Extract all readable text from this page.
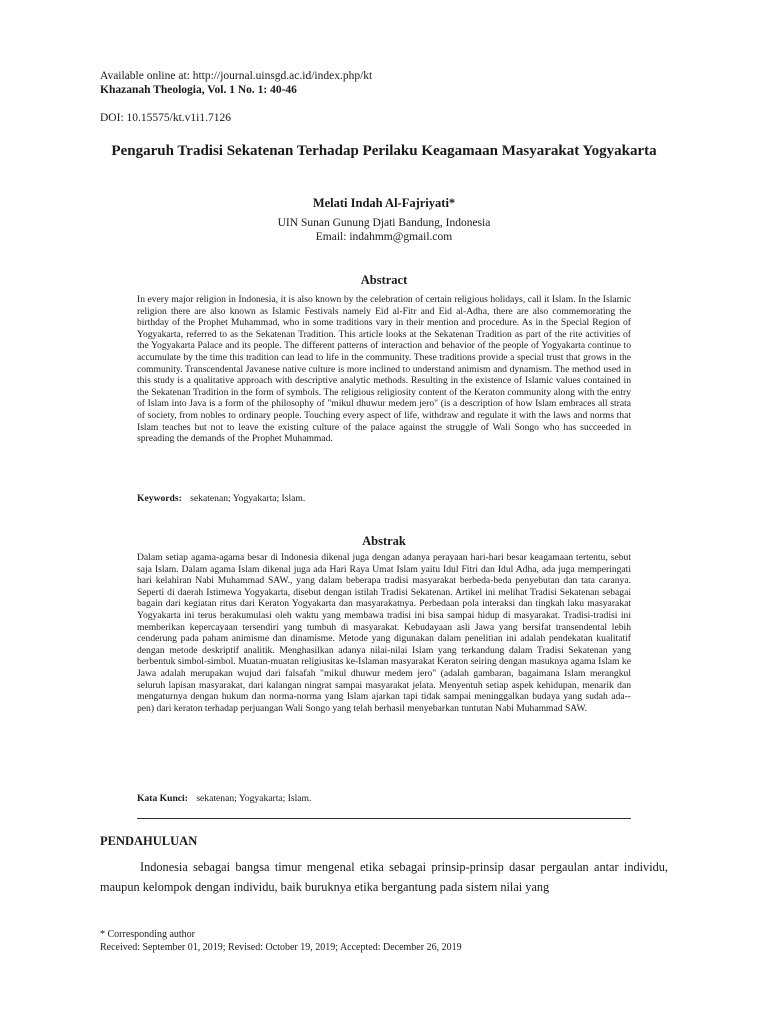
Available online at: http://journal.uinsgd.ac.id/index.php/kt
Khazanah Theologia, Vol. 1 No. 1: 40-46
DOI: 10.15575/kt.v1i1.7126
Pengaruh Tradisi Sekatenan Terhadap Perilaku Keagamaan Masyarakat Yogyakarta
Melati Indah Al-Fajriyati*
UIN Sunan Gunung Djati Bandung, Indonesia
Email: indahmm@gmail.com
Abstract

In every major religion in Indonesia, it is also known by the celebration of certain religious holidays, call it Islam. In the Islamic religion there are also known as Islamic Festivals namely Eid al-Fitr and Eid al-Adha, there are also commemorating the birthday of the Prophet Muhammad, who in some traditions vary in their mention and procedure. As in the Special Region of Yogyakarta, referred to as the Sekatenan Tradition. This article looks at the Sekatenan Tradition as part of the rite activities of the Yogyakarta Palace and its people. The different patterns of interaction and behavior of the people of Yogyakarta continue to accumulate by the time this tradition can lead to life in the community. These traditions provide a special trust that grows in the community. Transcendental Javanese native culture is more inclined to understand animism and dynamism. The method used in this study is a qualitative approach with descriptive analytic methods. Resulting in the existence of Islamic values contained in the Sekatenan Tradition in the form of symbols. The religious religiosity content of the Keraton community along with the entry of Islam into Java is a form of the philosophy of "mikul dhuwur medem jero" (is a description of how Islam embraces all strata of society, from nobles to ordinary people. Touching every aspect of life, withdraw and regulate it with the laws and norms that Islam teaches but not to leave the existing culture of the palace against the struggle of Wali Songo who has succeeded in spreading the demands of the Prophet Muhammad.

Keywords: sekatenan; Yogyakarta; Islam.
Abstrak

Dalam setiap agama-agama besar di Indonesia dikenal juga dengan adanya perayaan hari-hari besar keagamaan tertentu, sebut saja Islam. Dalam agama Islam dikenal juga ada Hari Raya Umat Islam yaitu Idul Fitri dan Idul Adha, ada juga memperingati hari kelahiran Nabi Muhammad SAW., yang dalam beberapa tradisi masyarakat berbeda-beda penyebutan dan tata caranya. Seperti di daerah Istimewa Yogyakarta, disebut dengan istilah Tradisi Sekatenan. Artikel ini melihat Tradisi Sekatenan sebagai bagain dari kegiatan ritus dari Keraton Yogyakarta dan masyarakatnya. Perbedaan pola interaksi dan tingkah laku masyarakat Yogyakarta ini terus berakumulasi oleh waktu yang membawa tradisi ini bisa sampai hidup di masyarakat. Tradisi-tradisi ini memberikan kepercayaan tersendiri yang tumbuh di masyarakat. Kebudayaan asli Jawa yang bersifat transendental lebih cenderung pada paham animisme dan dinamisme. Metode yang digunakan dalam penelitian ini adalah pendekatan kualitatif dengan metode deskriptif analitik. Menghasilkan adanya nilai-nilai Islam yang terkandung dalam Tradisi Sekatenan yang berbentuk simbol-simbol. Muatan-muatan religiusitas ke-Islaman masyarakat Keraton seiring dengan masuknya agama Islam ke Jawa adalah merupakan wujud dari falsafah "mikul dhuwur medem jero" (adalah gambaran, bagaimana Islam merangkul seluruh lapisan masyarakat, dari kalangan ningrat sampai masyarakat jelata. Menyentuh setiap aspek kehidupan, menarik dan mengaturnya dengan hukum dan norma-norma yang Islam ajarkan tapi tidak sampai meninggalkan budaya yang sudah ada--pen) dari keraton terhadap perjuangan Wali Songo yang telah berhasil menyebarkan tuntutan Nabi Muhammad SAW.

Kata Kunci: sekatenan; Yogyakarta; Islam.
PENDAHULUAN

Indonesia sebagai bangsa timur mengenal etika sebagai prinsip-prinsip dasar pergaulan antar individu, maupun kelompok dengan individu, baik buruknya etika bergantung pada sistem nilai yang

* Corresponding author
Received: September 01, 2019; Revised: October 19, 2019; Accepted: December 26, 2019
